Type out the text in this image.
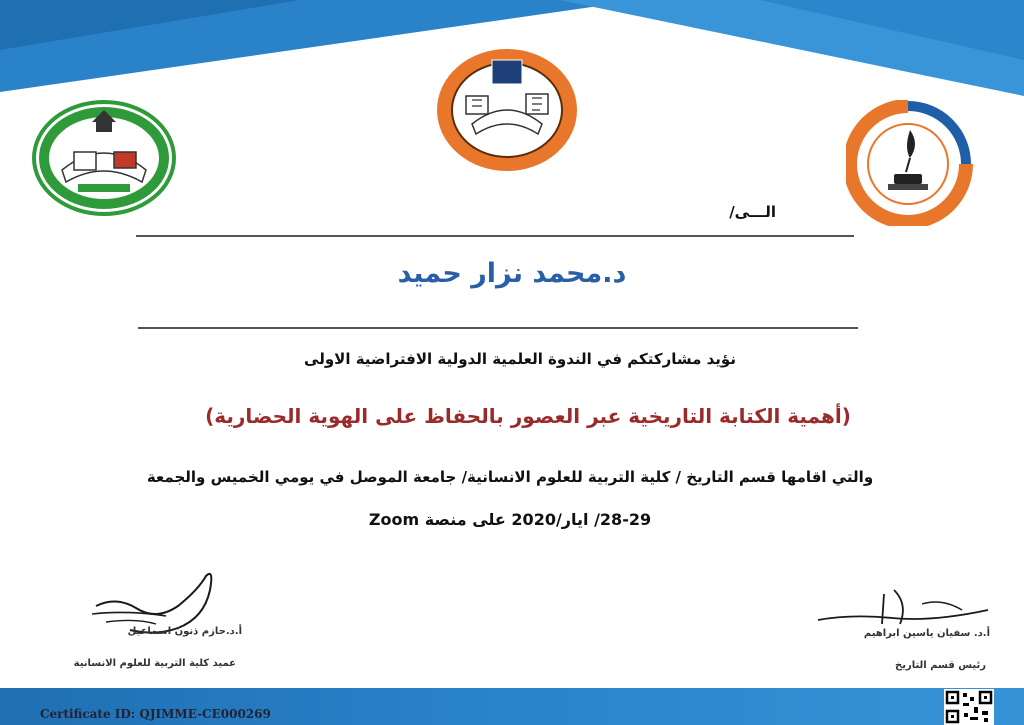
الـــى/
د.محمد نزار حميد
نؤيد مشاركتكم في الندوة العلمية الدولية الافتراضية الاولى
(أهمية الكتابة التاريخية عبر العصور بالحفاظ على الهوية الحضارية)
والتي اقامها قسم التاريخ / كلية التربية للعلوم الانسانية/ جامعة الموصل في يومي الخميس والجمعة
28-29/ ايار/2020 على منصة Zoom
أ.د.حازم ذنون اسماعيل
عميد كلية التربية للعلوم الانسانية
أ.د. سفيان ياسين ابراهيم
رئيس قسم التاريخ
Certificate ID: QJIMME-CE000269
